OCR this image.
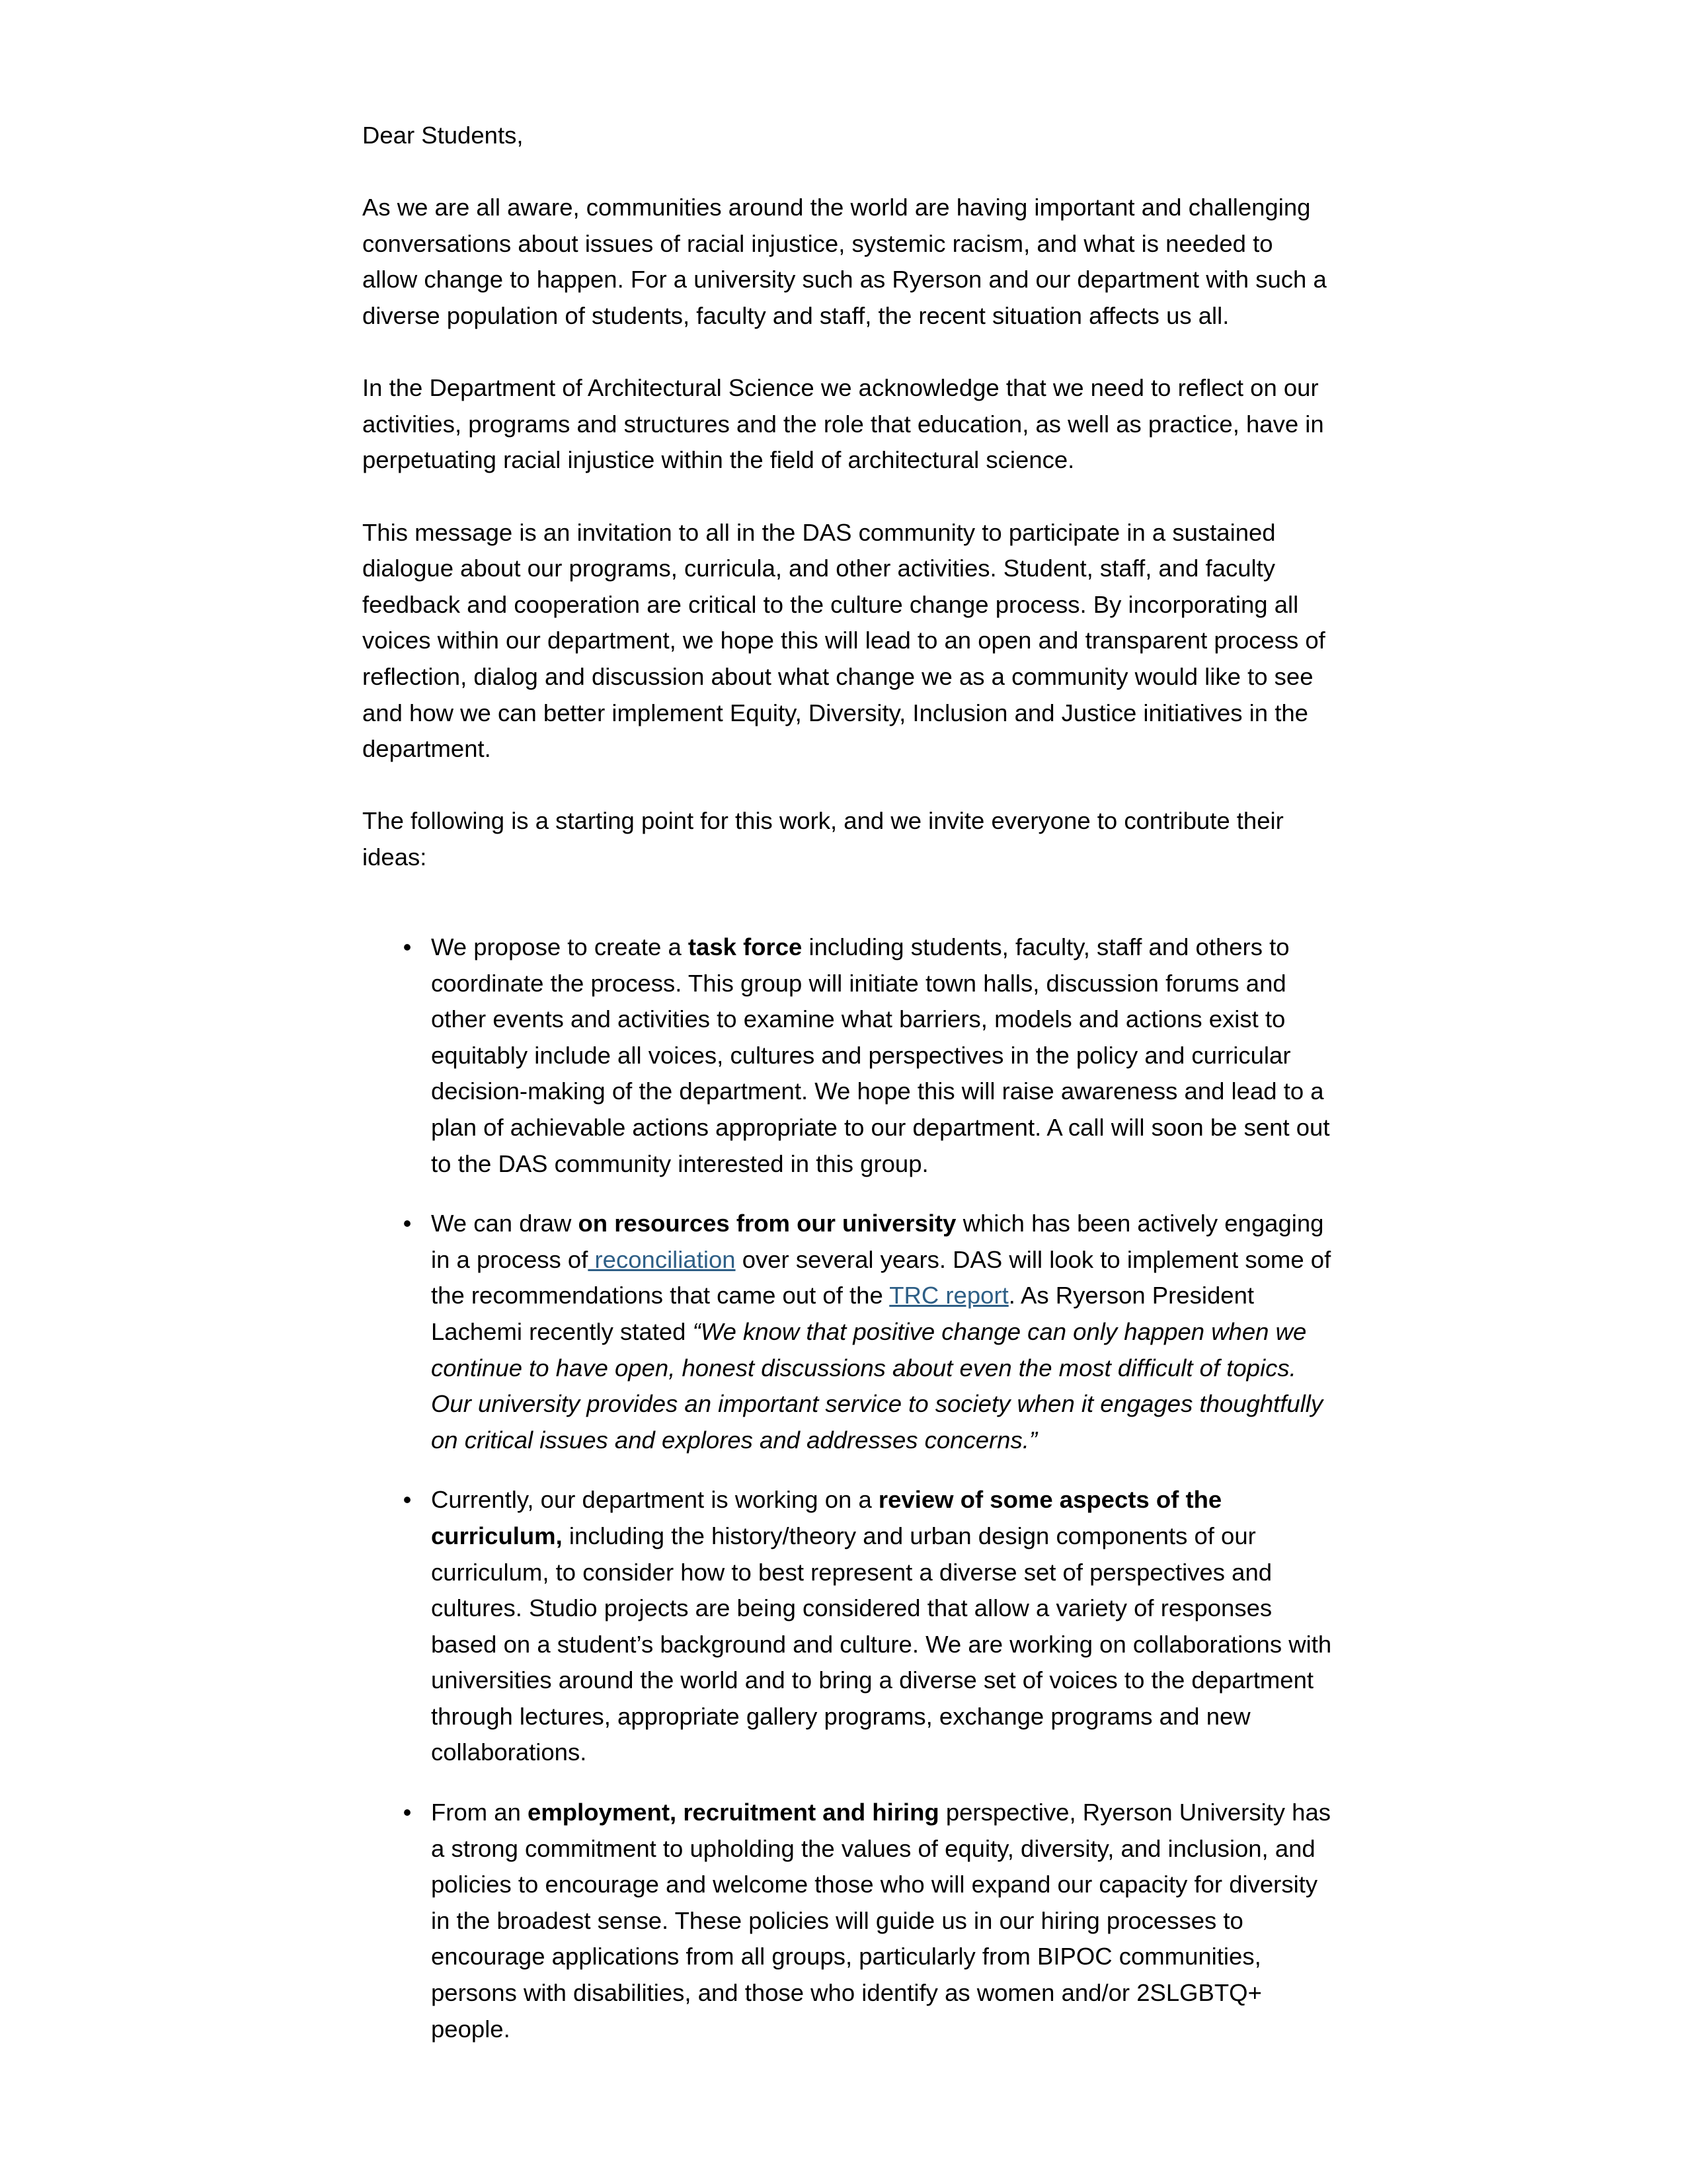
Dear Students,

As we are all aware, communities around the world are having important and challenging conversations about issues of racial injustice, systemic racism, and what is needed to allow change to happen. For a university such as Ryerson and our department with such a diverse population of students, faculty and staff, the recent situation affects us all.

In the Department of Architectural Science we acknowledge that we need to reflect on our activities, programs and structures and the role that education, as well as practice, have in perpetuating racial injustice within the field of architectural science.

This message is an invitation to all in the DAS community to participate in a sustained dialogue about our programs, curricula, and other activities. Student, staff, and faculty feedback and cooperation are critical to the culture change process. By incorporating all voices within our department, we hope this will lead to an open and transparent process of reflection, dialog and discussion about what change we as a community would like to see and how we can better implement Equity, Diversity, Inclusion and Justice initiatives in the department.

The following is a starting point for this work, and we invite everyone to contribute their ideas:

• We propose to create a task force including students, faculty, staff and others to coordinate the process. This group will initiate town halls, discussion forums and other events and activities to examine what barriers, models and actions exist to equitably include all voices, cultures and perspectives in the policy and curricular decision-making of the department. We hope this will raise awareness and lead to a plan of achievable actions appropriate to our department. A call will soon be sent out to the DAS community interested in this group.
• We can draw on resources from our university which has been actively engaging in a process of reconciliation over several years. DAS will look to implement some of the recommendations that came out of the TRC report. As Ryerson President Lachemi recently stated “We know that positive change can only happen when we continue to have open, honest discussions about even the most difficult of topics. Our university provides an important service to society when it engages thoughtfully on critical issues and explores and addresses concerns.”
• Currently, our department is working on a review of some aspects of the curriculum, including the history/theory and urban design components of our curriculum, to consider how to best represent a diverse set of perspectives and cultures. Studio projects are being considered that allow a variety of responses based on a student’s background and culture. We are working on collaborations with universities around the world and to bring a diverse set of voices to the department through lectures, appropriate gallery programs, exchange programs and new collaborations.
• From an employment, recruitment and hiring perspective, Ryerson University has a strong commitment to upholding the values of equity, diversity, and inclusion, and policies to encourage and welcome those who will expand our capacity for diversity in the broadest sense. These policies will guide us in our hiring processes to encourage applications from all groups, particularly from BIPOC communities, persons with disabilities, and those who identify as women and/or 2SLGBTQ+ people.
